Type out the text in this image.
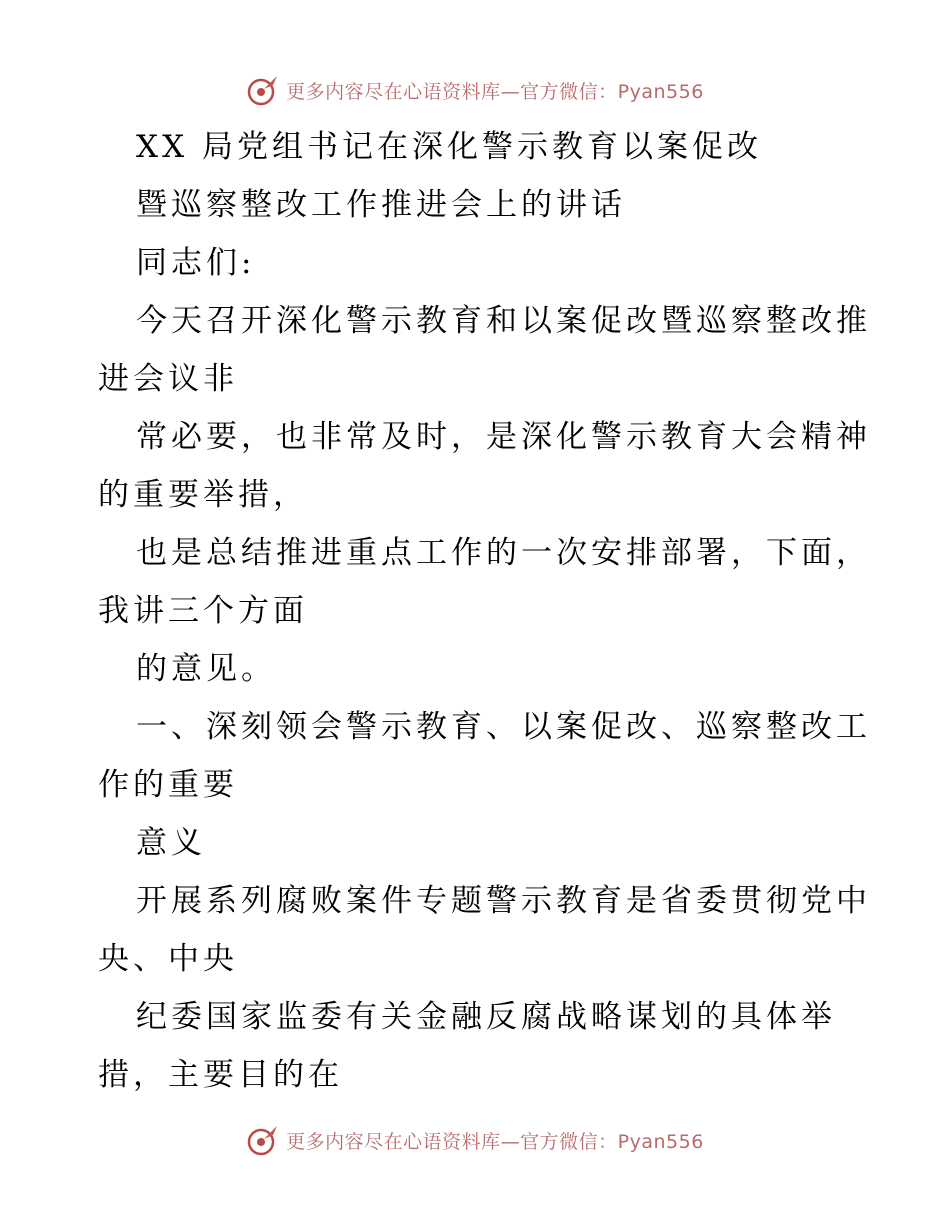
更多内容尽在心语资料库—官方微信：Pyan556
XX 局党组书记在深化警示教育以案促改
暨巡察整改工作推进会上的讲话
同志们:
今天召开深化警示教育和以案促改暨巡察整改推
进会议非
常必要，也非常及时，是深化警示教育大会精神
的重要举措，
也是总结推进重点工作的一次安排部署，下面，
我讲三个方面
的意见。
一、深刻领会警示教育、以案促改、巡察整改工
作的重要
意义
开展系列腐败案件专题警示教育是省委贯彻党中
央、中央
纪委国家监委有关金融反腐战略谋划的具体举
措，主要目的在
更多内容尽在心语资料库—官方微信：Pyan556
